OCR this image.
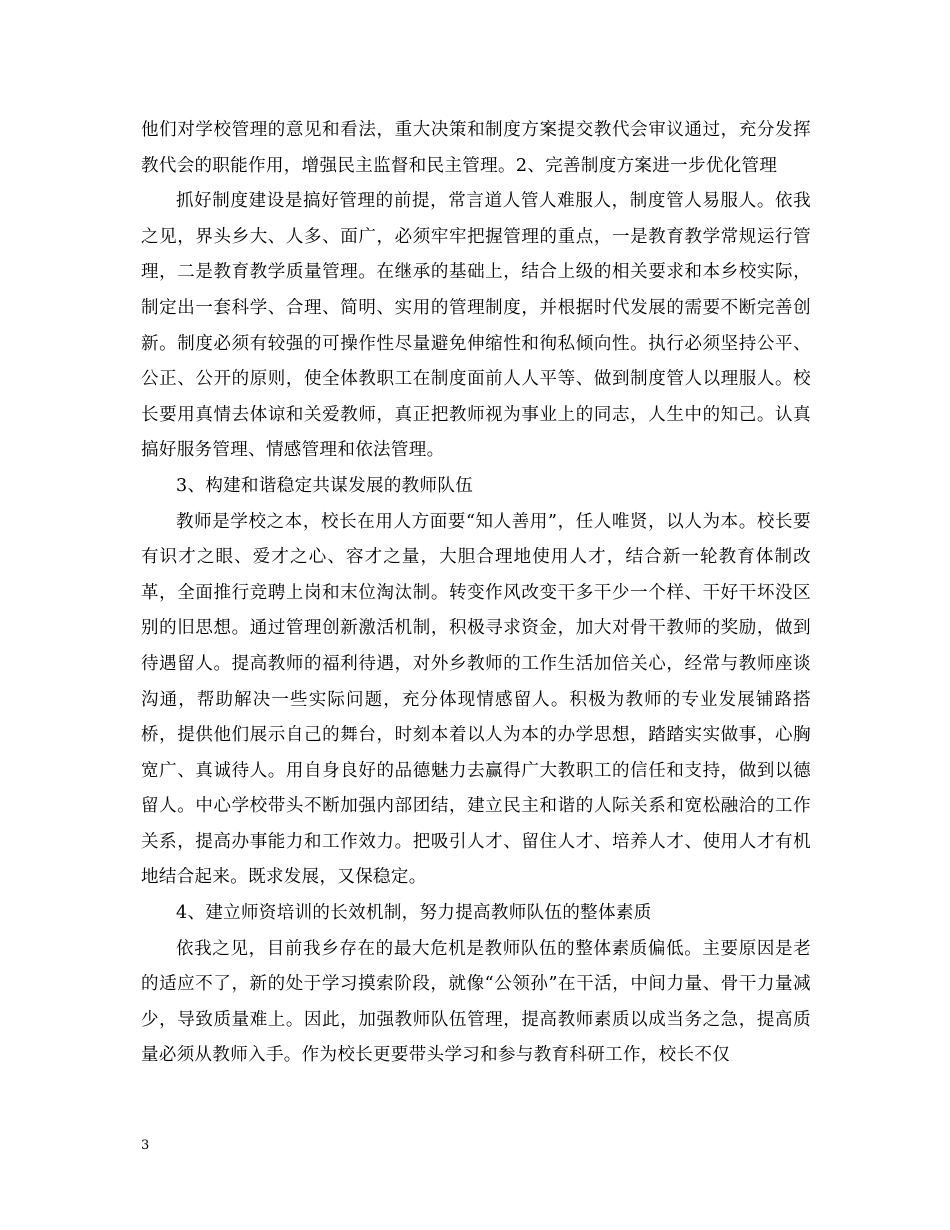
他们对学校管理的意见和看法，重大决策和制度方案提交教代会审议通过，充分发挥教代会的职能作用，增强民主监督和民主管理。2、完善制度方案进一步优化管理

抓好制度建设是搞好管理的前提，常言道人管人难服人，制度管人易服人。依我之见，界头乡大、人多、面广，必须牢牢把握管理的重点，一是教育教学常规运行管理，二是教育教学质量管理。在继承的基础上，结合上级的相关要求和本乡校实际，制定出一套科学、合理、简明、实用的管理制度，并根据时代发展的需要不断完善创新。制度必须有较强的可操作性尽量避免伸缩性和徇私倾向性。执行必须坚持公平、公正、公开的原则，使全体教职工在制度面前人人平等、做到制度管人以理服人。校长要用真情去体谅和关爱教师，真正把教师视为事业上的同志，人生中的知己。认真搞好服务管理、情感管理和依法管理。

3、构建和谐稳定共谋发展的教师队伍

教师是学校之本，校长在用人方面要“知人善用”，任人唯贤，以人为本。校长要有识才之眼、爱才之心、容才之量，大胆合理地使用人才，结合新一轮教育体制改革，全面推行竞聘上岗和末位淘汰制。转变作风改变干多干少一个样、干好干坏没区别的旧思想。通过管理创新激活机制，积极寻求资金，加大对骨干教师的奖励，做到待遇留人。提高教师的福利待遇，对外乡教师的工作生活加倍关心，经常与教师座谈沟通，帮助解决一些实际问题，充分体现情感留人。积极为教师的专业发展铺路搭桥，提供他们展示自己的舞台，时刻本着以人为本的办学思想，踏踏实实做事，心胸宽广、真诚待人。用自身良好的品德魅力去赢得广大教职工的信任和支持，做到以德留人。中心学校带头不断加强内部团结，建立民主和谐的人际关系和宽松融洽的工作关系，提高办事能力和工作效力。把吸引人才、留住人才、培养人才、使用人才有机地结合起来。既求发展，又保稳定。

4、建立师资培训的长效机制，努力提高教师队伍的整体素质

依我之见，目前我乡存在的最大危机是教师队伍的整体素质偏低。主要原因是老的适应不了，新的处于学习摸索阶段，就像“公领孙”在干活，中间力量、骨干力量减少，导致质量难上。因此，加强教师队伍管理，提高教师素质以成当务之急，提高质量必须从教师入手。作为校长更要带头学习和参与教育科研工作，校长不仅

3
